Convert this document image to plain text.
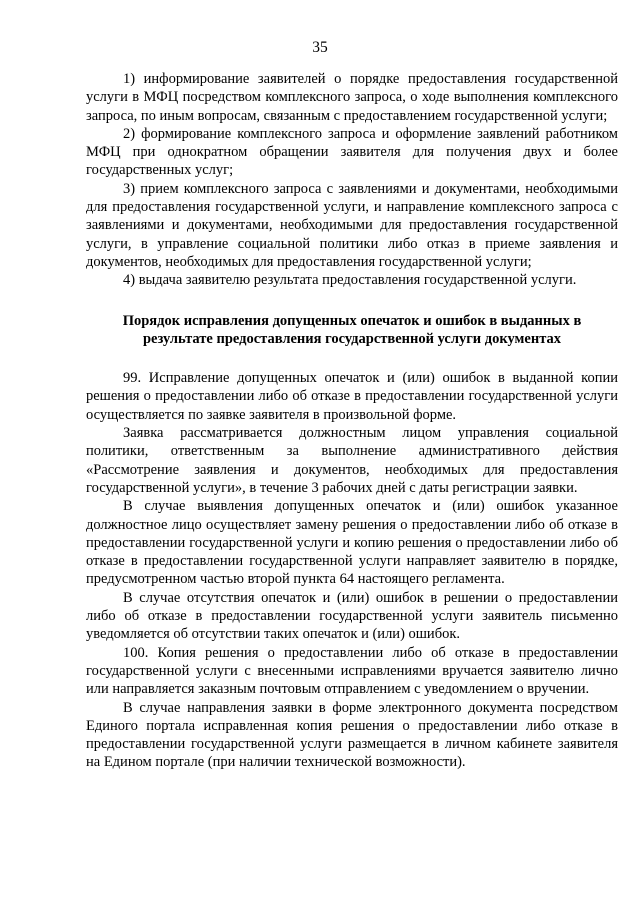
35

1) информирование заявителей о порядке предоставления государственной услуги в МФЦ посредством комплексного запроса, о ходе выполнения комплексного запроса, по иным вопросам, связанным с предоставлением государственной услуги;

2) формирование комплексного запроса и оформление заявлений работником МФЦ при однократном обращении заявителя для получения двух и более государственных услуг;

3) прием комплексного запроса с заявлениями и документами, необходимыми для предоставления государственной услуги, и направление комплексного запроса с заявлениями и документами, необходимыми для предоставления государственной услуги, в управление социальной политики либо отказ в приеме заявления и документов, необходимых для предоставления государственной услуги;

4) выдача заявителю результата предоставления государственной услуги.

Порядок исправления допущенных опечаток и ошибок в выданных в результате предоставления государственной услуги документах

99. Исправление допущенных опечаток и (или) ошибок в выданной копии решения о предоставлении либо об отказе в предоставлении государственной услуги осуществляется по заявке заявителя в произвольной форме.

Заявка рассматривается должностным лицом управления социальной политики, ответственным за выполнение административного действия «Рассмотрение заявления и документов, необходимых для предоставления государственной услуги», в течение 3 рабочих дней с даты регистрации заявки.

В случае выявления допущенных опечаток и (или) ошибок указанное должностное лицо осуществляет замену решения о предоставлении либо об отказе в предоставлении государственной услуги и копию решения о предоставлении либо об отказе в предоставлении государственной услуги направляет заявителю в порядке, предусмотренном частью второй пункта 64 настоящего регламента.

В случае отсутствия опечаток и (или) ошибок в решении о предоставлении либо об отказе в предоставлении государственной услуги заявитель письменно уведомляется об отсутствии таких опечаток и (или) ошибок.

100. Копия решения о предоставлении либо об отказе в предоставлении государственной услуги с внесенными исправлениями вручается заявителю лично или направляется заказным почтовым отправлением с уведомлением о вручении.

В случае направления заявки в форме электронного документа посредством Единого портала исправленная копия решения о предоставлении либо отказе в предоставлении государственной услуги размещается в личном кабинете заявителя на Едином портале (при наличии технической возможности).
